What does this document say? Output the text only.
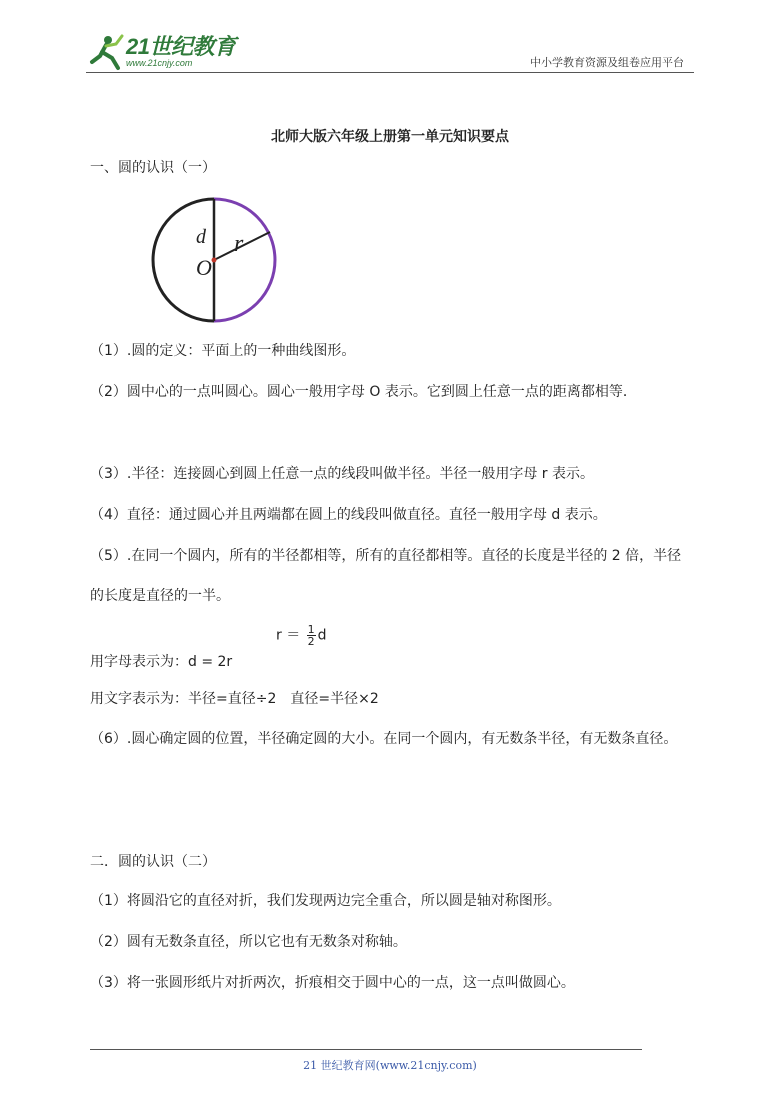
21世纪教育
www.21cnjy.com	中小学教育资源及组卷应用平台
北师大版六年级上册第一单元知识要点
一、圆的认识（一）
d r
O
（1）.圆的定义：平面上的一种曲线图形。
（2）圆中心的一点叫圆心。圆心一般用字母 O 表示。它到圆上任意一点的距离都相等．
（3）.半径：连接圆心到圆上任意一点的线段叫做半径。半径一般用字母 r 表示。
（4）直径：通过圆心并且两端都在圆上的线段叫做直径。直径一般用字母 d 表示。
（5）.在同一个圆内，所有的半径都相等，所有的直径都相等。直径的长度是半径的 2 倍，半径的长度是直径的一半。
$r = \frac{1}{2}$ d
用字母表示为：d = 2r
用文字表示为：半径=直径÷2　直径=半径×2
（6）.圆心确定圆的位置，半径确定圆的大小。在同一个圆内，有无数条半径，有无数条直径。
二．圆的认识（二）
（1）将圆沿它的直径对折，我们发现两边完全重合，所以圆是轴对称图形。
（2）圆有无数条直径，所以它也有无数条对称轴。
（3）将一张圆形纸片对折两次，折痕相交于圆中心的一点，这一点叫做圆心。
21 世纪教育网(www.21cnjy.com)
